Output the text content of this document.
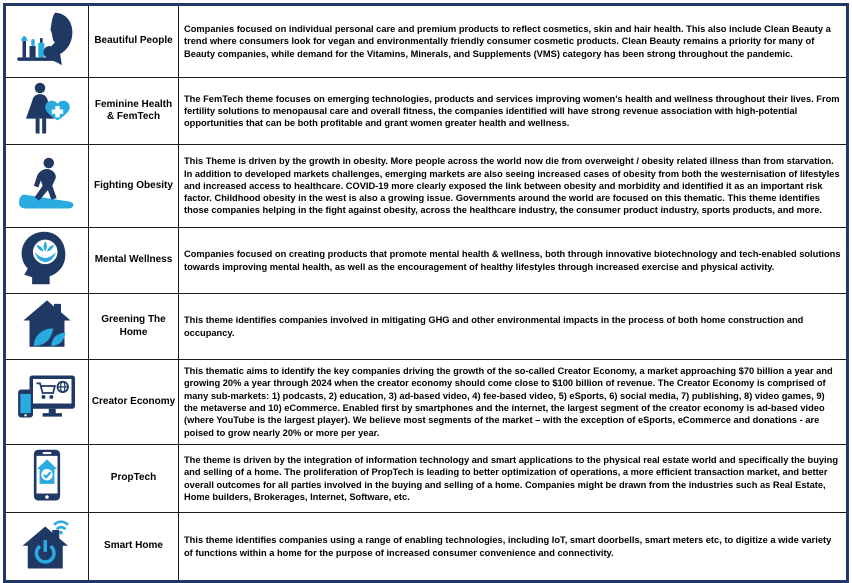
	Beautiful People	Companies focused on individual personal care and premium products to reflect cosmetics, skin and hair health. This also include Clean Beauty a trend where consumers look for vegan and environmentally friendly consumer cosmetic products. Clean Beauty remains a priority for many of Beauty companies, while demand for the Vitamins, Minerals, and Supplements (VMS) category has been strong throughout the pandemic.
	Feminine Health & FemTech	The FemTech theme focuses on emerging technologies, products and services improving women's health and wellness throughout their lives. From fertility solutions to menopausal care and overall fitness, the companies identified will have strong revenue association with high-potential opportunities that can be both profitable and grant women greater health and wellness.
	Fighting Obesity	This Theme is driven by the growth in obesity. More people across the world now die from overweight / obesity related illness than from starvation. In addition to developed markets challenges, emerging markets are also seeing increased cases of obesity from both the westernisation of lifestyles and increased access to healthcare. COVID-19 more clearly exposed the link between obesity and morbidity and identified it as an important risk factor. Childhood obesity in the west is also a growing issue. Governments around the world are focused on this thematic. This theme identifies those companies helping in the fight against obesity, across the healthcare industry, the consumer product industry, sports products, and more.
	Mental Wellness	Companies focused on creating products that promote mental health & wellness, both through innovative biotechnology and tech-enabled solutions towards improving mental health, as well as the encouragement of healthy lifestyles through increased exercise and physical activity.
	Greening The Home	This theme identifies companies involved in mitigating GHG and other environmental impacts in the process of both home construction and occupancy.
	Creator Economy	This thematic aims to identify the key companies driving the growth of the so-called Creator Economy, a market approaching $70 billion a year and growing 20% a year through 2024 when the creator economy should come close to $100 billion of revenue. The Creator Economy is comprised of many sub-markets: 1) podcasts, 2) education, 3) ad-based video, 4) fee-based video, 5) eSports, 6) social media, 7) publishing, 8) video games, 9) the metaverse and 10) eCommerce. Enabled first by smartphones and the internet, the largest segment of the creator economy is ad-based video (where YouTube is the largest player). We believe most segments of the market – with the exception of eSports, eCommerce and donations - are poised to grow nearly 20% or more per year.
	PropTech	The theme is driven by the integration of information technology and smart applications to the physical real estate world and specifically the buying and selling of a home. The proliferation of PropTech is leading to better optimization of operations, a more efficient transaction market, and better overall outcomes for all parties involved in the buying and selling of a home. Companies might be drawn from the industries such as Real Estate, Home builders, Brokerages, Internet, Software, etc.
	Smart Home	This theme identifies companies using a range of enabling technologies, including IoT, smart doorbells, smart meters etc, to digitize a wide variety of functions within a home for the purpose of increased consumer convenience and connectivity.
